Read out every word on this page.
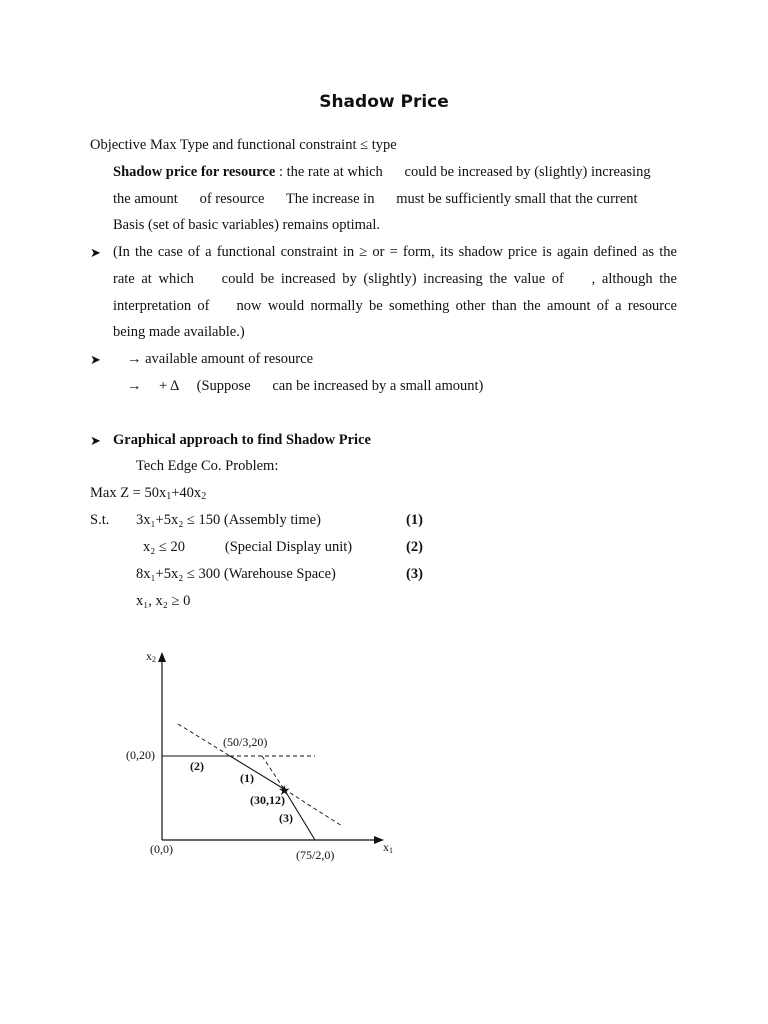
Shadow Price
Objective Max Type and functional constraint ≤ type
Shadow price for resource : the rate at which   could be increased by (slightly) increasing
the amount   of resource   The increase in   must be sufficiently small that the current
Basis (set of basic variables) remains optimal.
➤ (In the case of a functional constraint in ≥ or = form, its shadow price is again defined as the
rate at which   could be increased by (slightly) increasing the value of   , although the
interpretation of   now would normally be something other than the amount of a resource
being made available.)
➤ → available amount of resource
→ + Δ  (Suppose   can be increased by a small amount)
➤ Graphical approach to find Shadow Price
Tech Edge Co. Problem:
Max $Z = 50x_1+40x_2$
S.t. 3x₁+5x₂ ≤ 150 (Assembly time)	(1)
x₂ ≤ 20    (Special Display unit)	(2)
8x₁+5x₂ ≤ 300 (Warehouse Space)	(3)
x₁, x₂ ≥ 0
★
x2
x1
(0,0)
(0,20)
(50/3,20)
(30,12)
(75/2,0)
(1)
(2)
(3)
